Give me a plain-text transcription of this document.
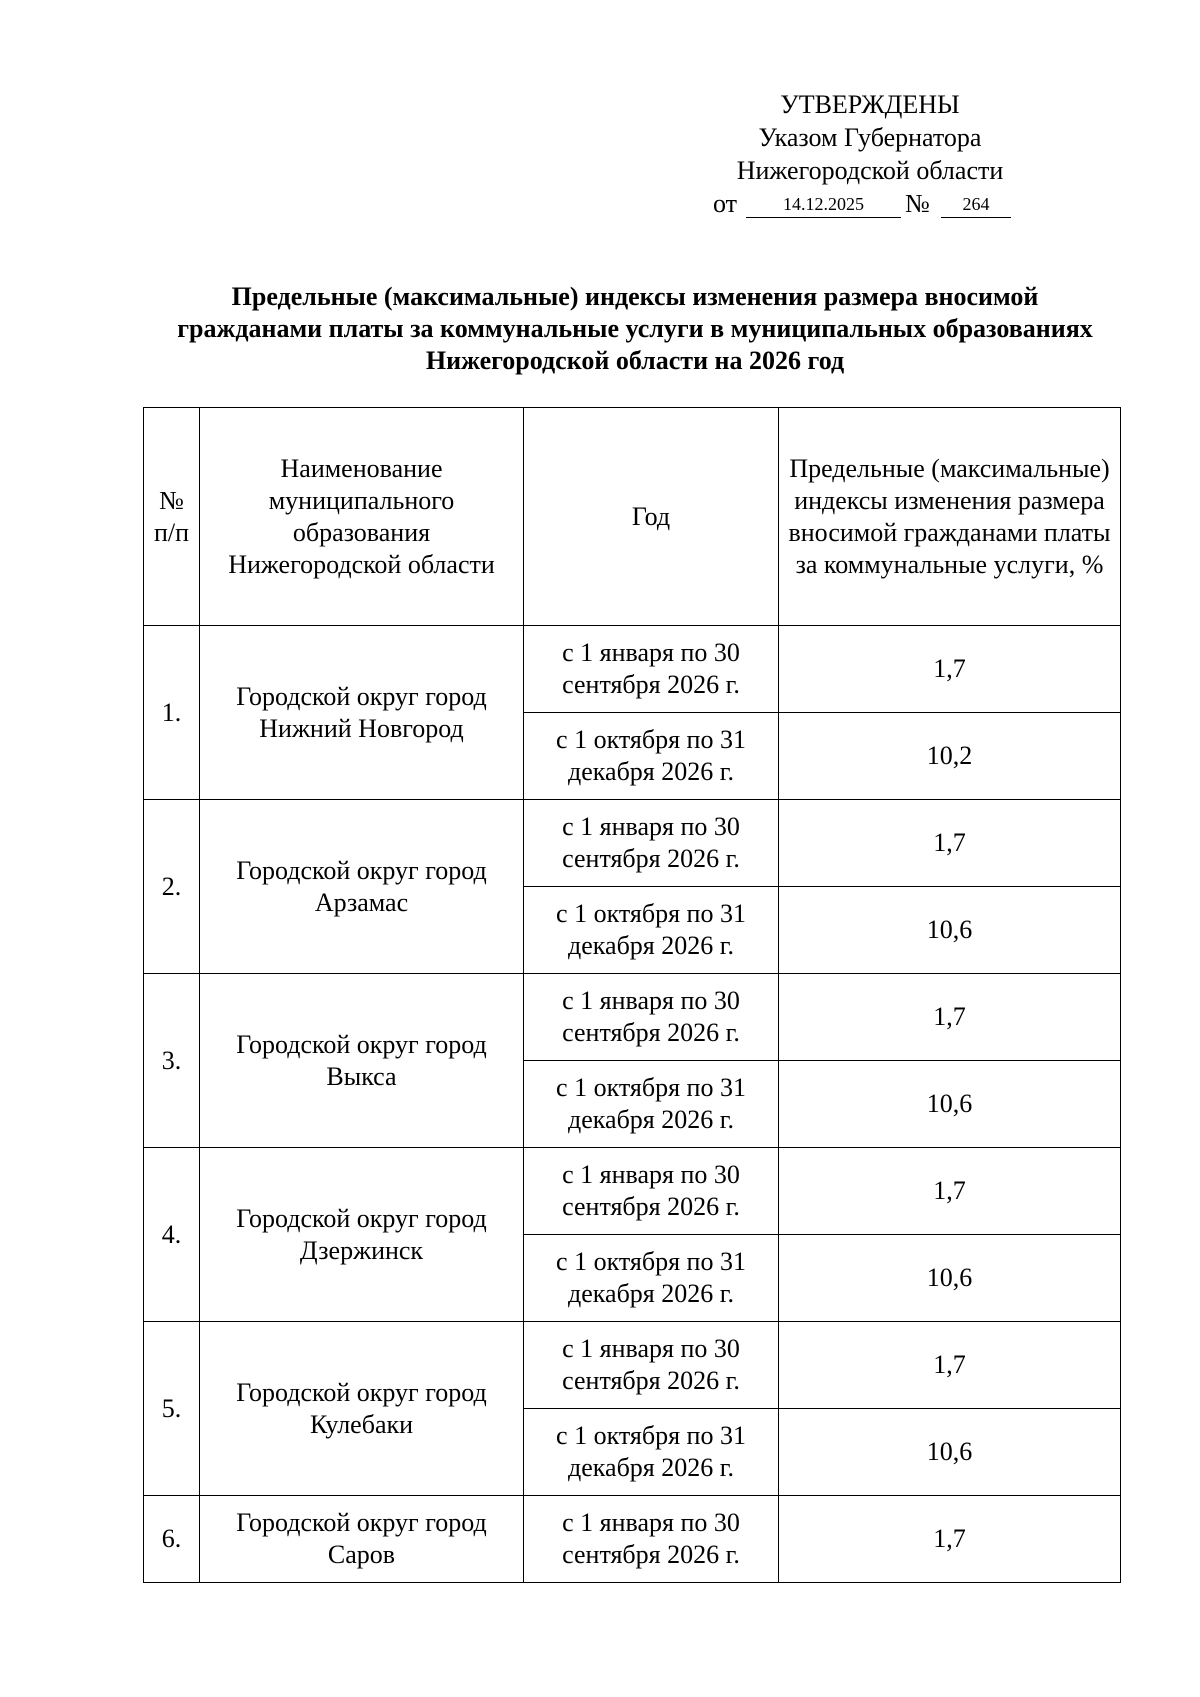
УТВЕРЖДЕНЫ
Указом Губернатора
Нижегородской области
от	14.12.2025	№	264
Предельные (максимальные) индексы изменения размера вносимой гражданами платы за коммунальные услуги в муниципальных образованиях Нижегородской области на 2026 год
№ п/п	Наименование муниципального образования Нижегородской области	Год	Предельные (максимальные) индексы изменения размера вносимой гражданами платы за коммунальные услуги, %
1.	Городской округ город Нижний Новгород	с 1 января по 30 сентября 2026 г.	1,7
		с 1 октября по 31 декабря 2026 г.	10,2
2.	Городской округ город Арзамас	с 1 января по 30 сентября 2026 г.	1,7
		с 1 октября по 31 декабря 2026 г.	10,6
3.	Городской округ город Выкса	с 1 января по 30 сентября 2026 г.	1,7
		с 1 октября по 31 декабря 2026 г.	10,6
4.	Городской округ город Дзержинск	с 1 января по 30 сентября 2026 г.	1,7
		с 1 октября по 31 декабря 2026 г.	10,6
5.	Городской округ город Кулебаки	с 1 января по 30 сентября 2026 г.	1,7
		с 1 октября по 31 декабря 2026 г.	10,6
6.	Городской округ город Саров	с 1 января по 30 сентября 2026 г.	1,7
